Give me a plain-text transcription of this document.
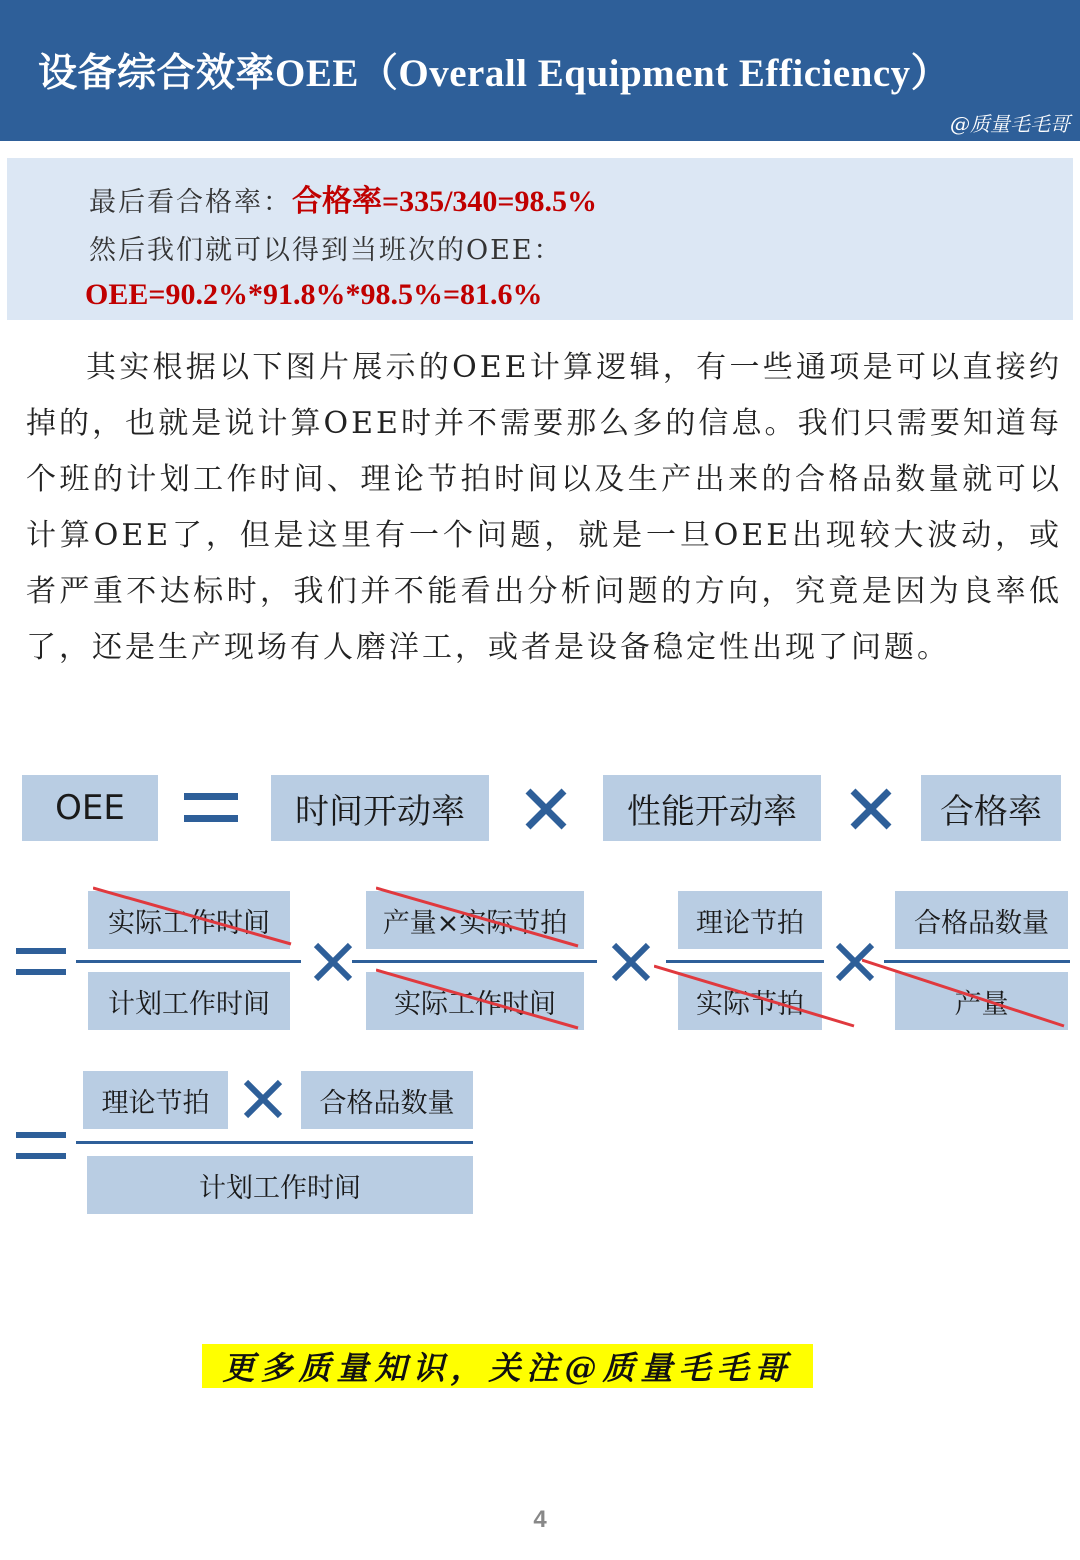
设备综合效率OEE（Overall Equipment Efficiency）
@质量毛毛哥
最后看合格率：合格率=335/340=98.5%
然后我们就可以得到当班次的OEE：
OEE=90.2%*91.8%*98.5%=81.6%
其实根据以下图片展示的OEE计算逻辑，有一些通项是可以直接约掉的，也就是说计算OEE时并不需要那么多的信息。我们只需要知道每个班的计划工作时间、理论节拍时间以及生产出来的合格品数量就可以计算OEE了，但是这里有一个问题，就是一旦OEE出现较大波动，或者严重不达标时，我们并不能看出分析问题的方向，究竟是因为良率低了，还是生产现场有人磨洋工，或者是设备稳定性出现了问题。
OEE	时间开动率	性能开动率	合格率
实际工作时间
计划工作时间
产量×实际节拍
实际工作时间
理论节拍
实际节拍
合格品数量
产量
理论节拍	合格品数量
计划工作时间
更多质量知识，关注@质量毛毛哥
4
